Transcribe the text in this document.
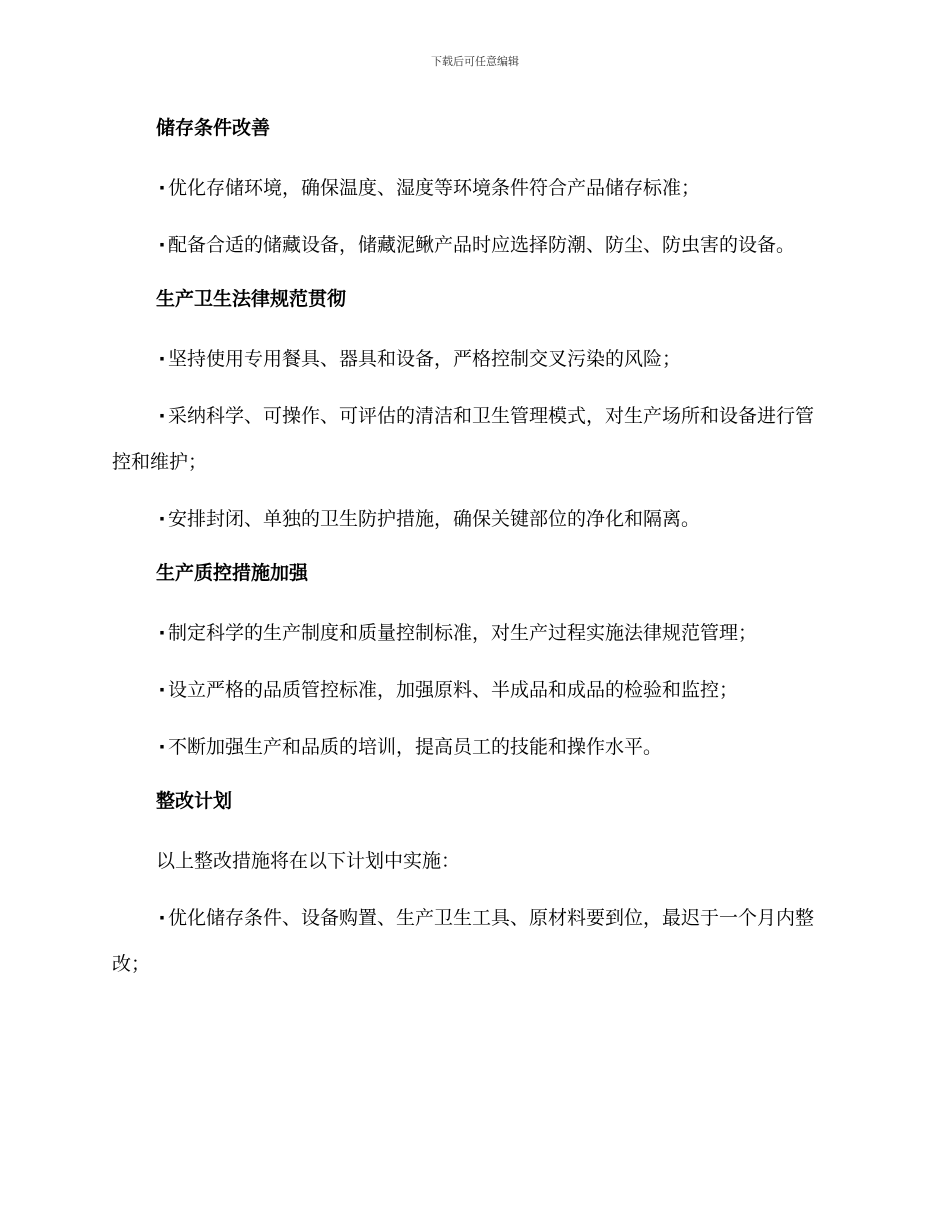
下载后可任意编辑
储存条件改善

· 优化存储环境，确保温度、湿度等环境条件符合产品储存标准；

· 配备合适的储藏设备，储藏泥鳅产品时应选择防潮、防尘、防虫害的设备。

生产卫生法律规范贯彻

· 坚持使用专用餐具、器具和设备，严格控制交叉污染的风险；

· 采纳科学、可操作、可评估的清洁和卫生管理模式，对生产场所和设备进行管控和维护；

· 安排封闭、单独的卫生防护措施，确保关键部位的净化和隔离。

生产质控措施加强

· 制定科学的生产制度和质量控制标准，对生产过程实施法律规范管理；

· 设立严格的品质管控标准，加强原料、半成品和成品的检验和监控；

· 不断加强生产和品质的培训，提高员工的技能和操作水平。

整改计划

以上整改措施将在以下计划中实施：

· 优化储存条件、设备购置、生产卫生工具、原材料要到位，最迟于一个月内整改；
